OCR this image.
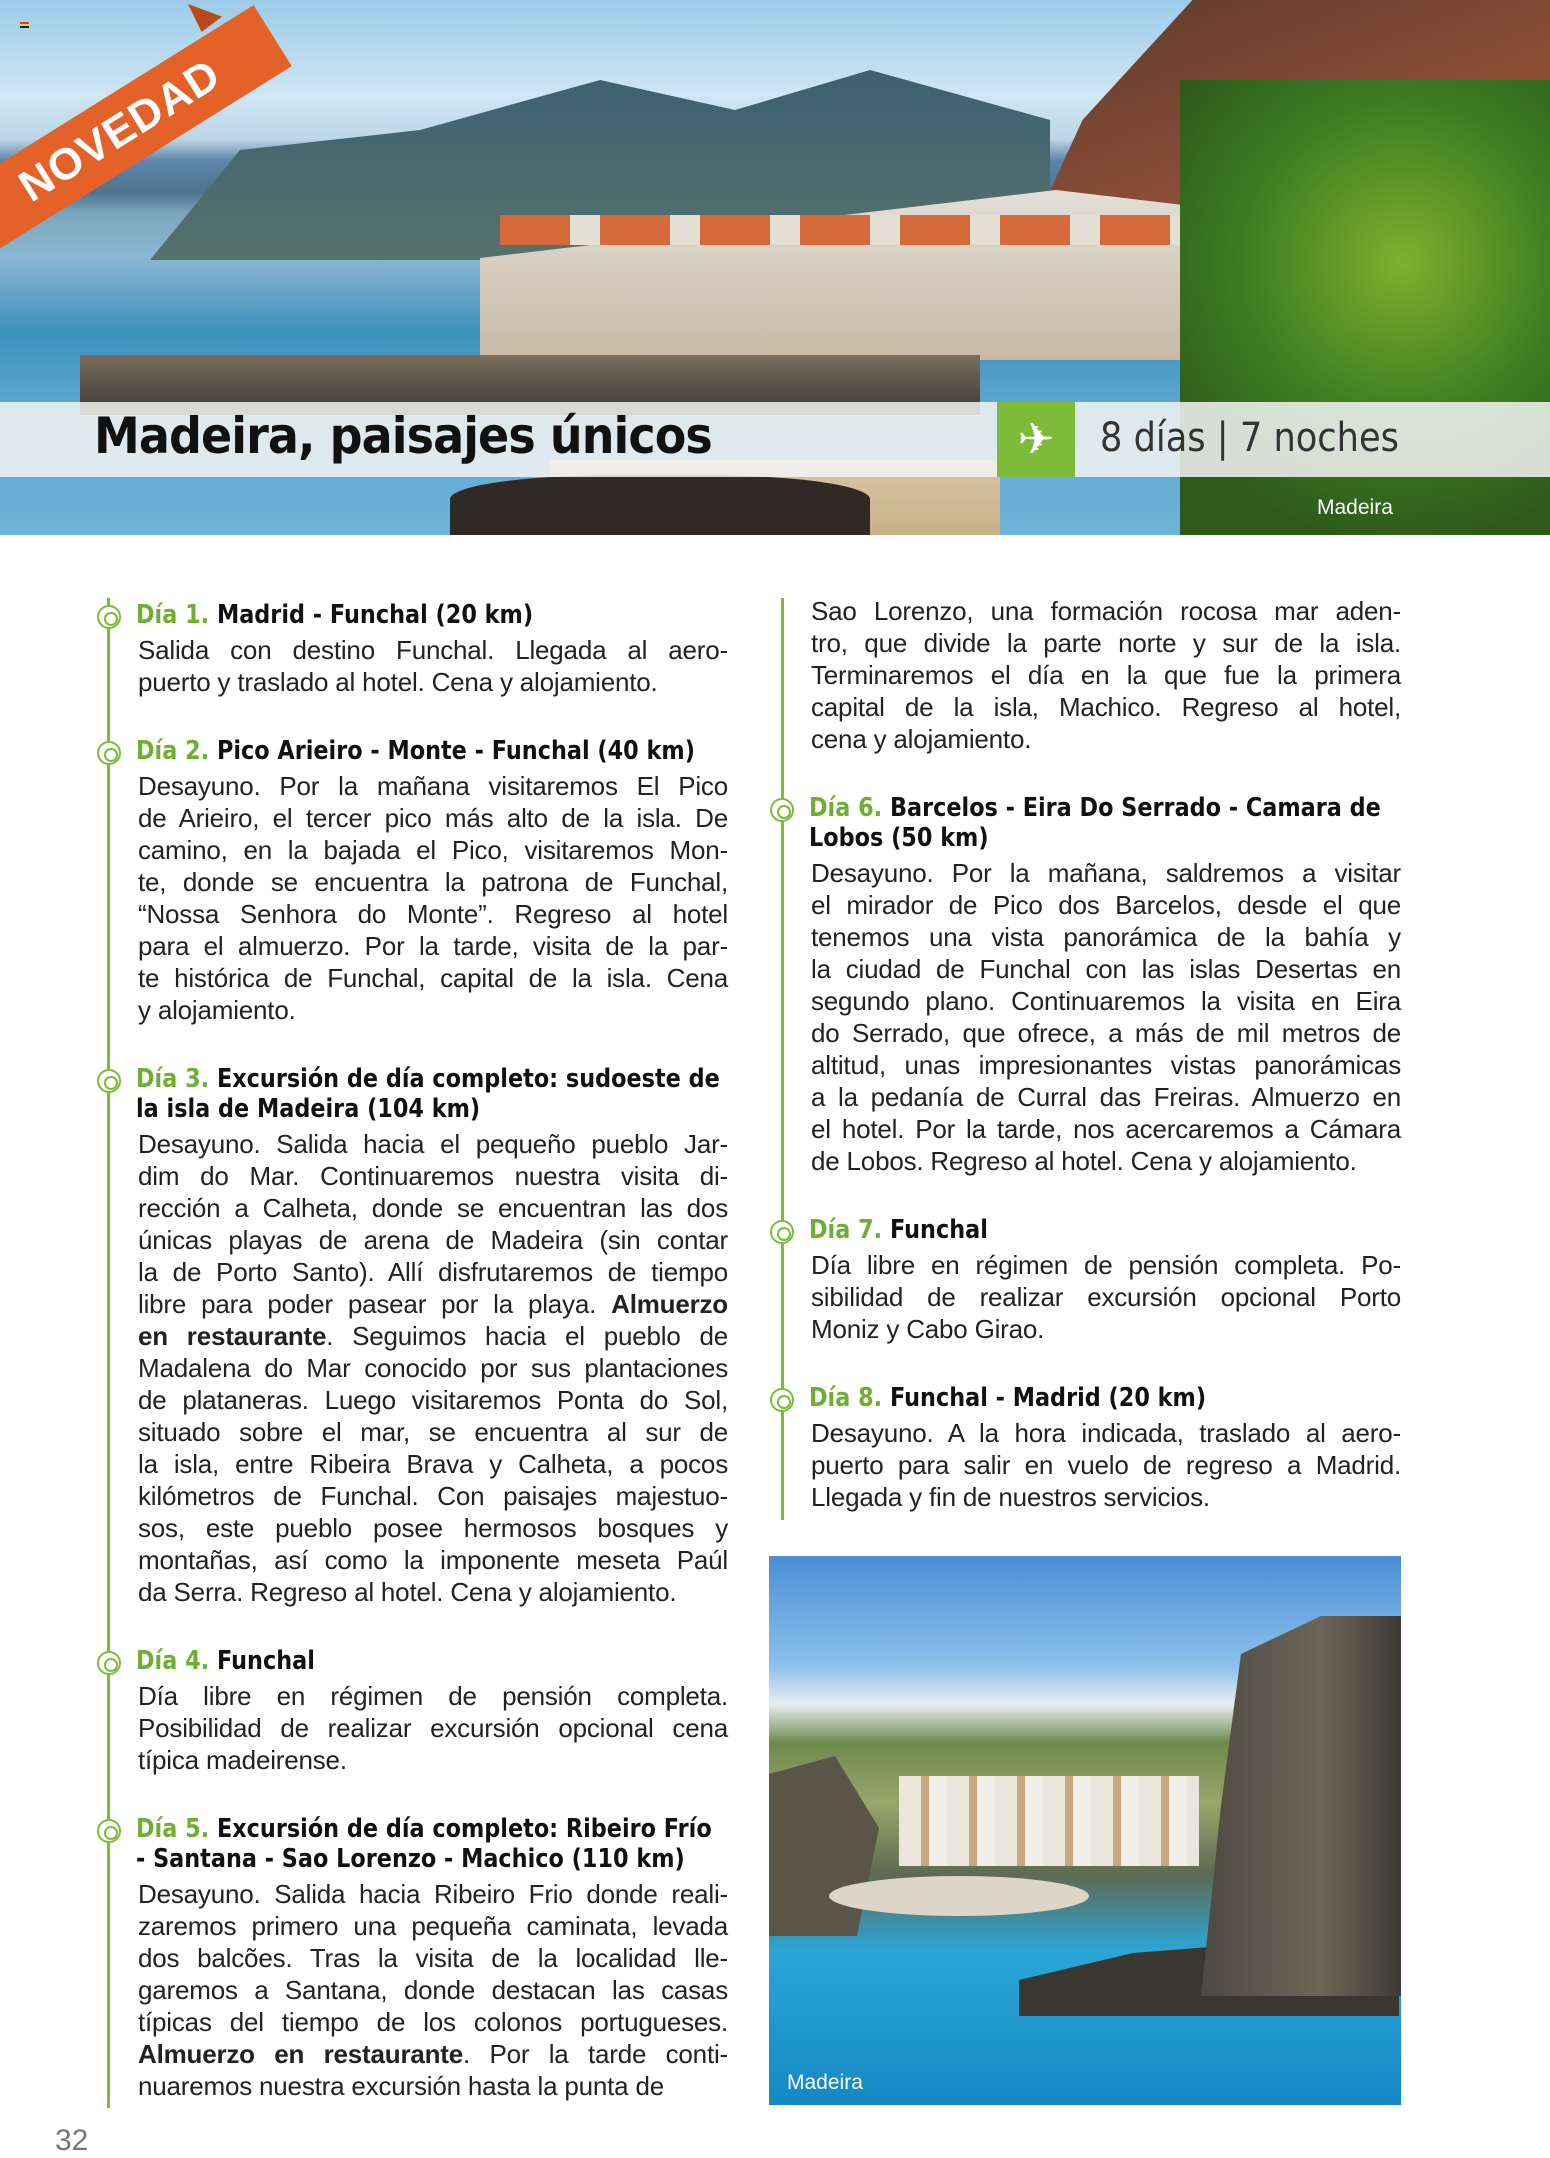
NOVEDAD
Madeira, paisajes únicos	✈	8 días | 7 noches
Madeira
Día 1. Madrid - Funchal (20 km)
Salida con destino Funchal. Llegada al aero-
puerto y traslado al hotel. Cena y alojamiento.
Día 2. Pico Arieiro - Monte - Funchal (40 km)
Desayuno. Por la mañana visitaremos El Pico
de Arieiro, el tercer pico más alto de la isla. De
camino, en la bajada el Pico, visitaremos Mon-
te, donde se encuentra la patrona de Funchal,
“Nossa Senhora do Monte”. Regreso al hotel
para el almuerzo. Por la tarde, visita de la par-
te histórica de Funchal, capital de la isla. Cena
y alojamiento.
Día 3. Excursión de día completo: sudoeste de la isla de Madeira (104 km)
Desayuno. Salida hacia el pequeño pueblo Jar-
dim do Mar. Continuaremos nuestra visita di-
rección a Calheta, donde se encuentran las dos
únicas playas de arena de Madeira (sin contar
la de Porto Santo). Allí disfrutaremos de tiempo
libre para poder pasear por la playa. Almuerzo
en restaurante. Seguimos hacia el pueblo de
Madalena do Mar conocido por sus plantaciones
de plataneras. Luego visitaremos Ponta do Sol,
situado sobre el mar, se encuentra al sur de
la isla, entre Ribeira Brava y Calheta, a pocos
kilómetros de Funchal. Con paisajes majestuo-
sos, este pueblo posee hermosos bosques y
montañas, así como la imponente meseta Paúl
da Serra. Regreso al hotel. Cena y alojamiento.
Día 4. Funchal
Día libre en régimen de pensión completa.
Posibilidad de realizar excursión opcional cena
típica madeirense.
Día 5. Excursión de día completo: Ribeiro Frío - Santana - Sao Lorenzo - Machico (110 km)
Desayuno. Salida hacia Ribeiro Frio donde reali-
zaremos primero una pequeña caminata, levada
dos balcões. Tras la visita de la localidad lle-
garemos a Santana, donde destacan las casas
típicas del tiempo de los colonos portugueses.
Almuerzo en restaurante. Por la tarde conti-
nuaremos nuestra excursión hasta la punta de
Sao Lorenzo, una formación rocosa mar aden-
tro, que divide la parte norte y sur de la isla.
Terminaremos el día en la que fue la primera
capital de la isla, Machico. Regreso al hotel,
cena y alojamiento.
Día 6. Barcelos - Eira Do Serrado - Camara de Lobos (50 km)
Desayuno. Por la mañana, saldremos a visitar
el mirador de Pico dos Barcelos, desde el que
tenemos una vista panorámica de la bahía y
la ciudad de Funchal con las islas Desertas en
segundo plano. Continuaremos la visita en Eira
do Serrado, que ofrece, a más de mil metros de
altitud, unas impresionantes vistas panorámicas
a la pedanía de Curral das Freiras. Almuerzo en
el hotel. Por la tarde, nos acercaremos a Cámara
de Lobos. Regreso al hotel. Cena y alojamiento.
Día 7. Funchal
Día libre en régimen de pensión completa. Po-
sibilidad de realizar excursión opcional Porto
Moniz y Cabo Girao.
Día 8. Funchal - Madrid (20 km)
Desayuno. A la hora indicada, traslado al aero-
puerto para salir en vuelo de regreso a Madrid.
Llegada y fin de nuestros servicios.
Madeira
32
